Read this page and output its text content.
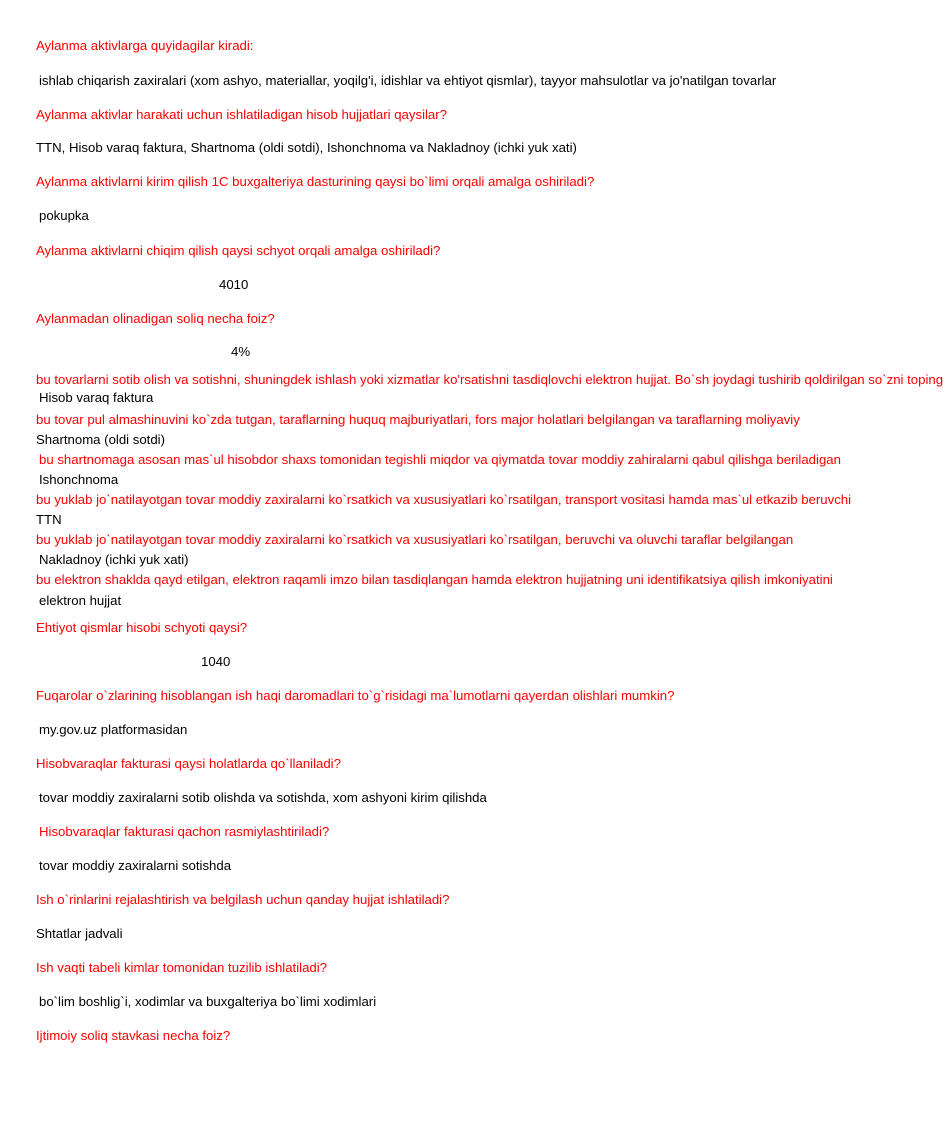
Aylanma aktivlarga quyidagilar kiradi:
ishlab chiqarish zaxiralari (xom ashyo, materiallar, yoqilg'i, idishlar va ehtiyot qismlar), tayyor mahsulotlar va jo'natilgan tovarlar
Aylanma aktivlar harakati uchun ishlatiladigan hisob hujjatlari qaysilar?
TTN, Hisob varaq faktura, Shartnoma (oldi sotdi), Ishonchnoma va Nakladnoy (ichki yuk xati)
Aylanma aktivlarni kirim qilish 1C buxgalteriya dasturining qaysi bo`limi orqali amalga oshiriladi?
pokupka
Aylanma aktivlarni chiqim qilish qaysi schyot orqali amalga oshiriladi?
4010
Aylanmadan olinadigan soliq necha foiz?
4%
bu tovarlarni sotib olish va sotishni, shuningdek ishlash yoki xizmatlar ko'rsatishni tasdiqlovchi elektron hujjat. Bo`sh joydagi tushirib qoldirilgan so`zni toping
Hisob varaq faktura
bu tovar pul almashinuvini ko`zda tutgan, taraflarning huquq majburiyatlari, fors major holatlari belgilangan va taraflarning moliyaviy
Shartnoma (oldi sotdi)
bu shartnomaga asosan mas`ul hisobdor shaxs tomonidan tegishli miqdor va qiymatda tovar moddiy zahiralarni qabul qilishga beriladigan
Ishonchnoma
bu yuklab jo`natilayotgan tovar moddiy zaxiralarni ko`rsatkich va xususiyatlari ko`rsatilgan, transport vositasi hamda mas`ul etkazib beruvchi
TTN
bu yuklab jo`natilayotgan tovar moddiy zaxiralarni ko`rsatkich va xususiyatlari ko`rsatilgan, beruvchi va oluvchi taraflar belgilangan
Nakladnoy (ichki yuk xati)
bu elektron shaklda qayd etilgan, elektron raqamli imzo bilan tasdiqlangan hamda elektron hujjatning uni identifikatsiya qilish imkoniyatini
elektron hujjat
Ehtiyot qismlar hisobi schyoti qaysi?
1040
Fuqarolar o`zlarining hisoblangan ish haqi daromadlari to`g`risidagi ma`lumotlarni qayerdan olishlari mumkin?
my.gov.uz platformasidan
Hisobvaraqlar fakturasi qaysi holatlarda qo`llaniladi?
tovar moddiy zaxiralarni sotib olishda va sotishda, xom ashyoni kirim qilishda
Hisobvaraqlar fakturasi qachon rasmiylashtiriladi?
tovar moddiy zaxiralarni sotishda
Ish o`rinlarini rejalashtirish va belgilash uchun qanday hujjat ishlatiladi?
Shtatlar jadvali
Ish vaqti tabeli kimlar tomonidan tuzilib ishlatiladi?
bo`lim boshlig`i, xodimlar va buxgalteriya bo`limi xodimlari
Ijtimoiy soliq stavkasi necha foiz?
